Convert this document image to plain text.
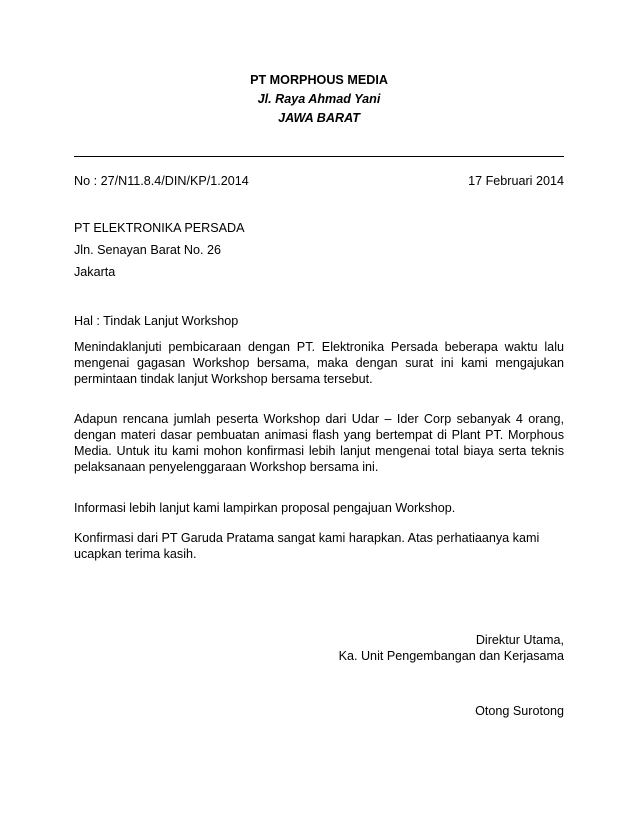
PT MORPHOUS MEDIA
Jl. Raya Ahmad Yani
JAWA BARAT
No : 27/N11.8.4/DIN/KP/1.2014	17 Februari 2014
PT ELEKTRONIKA PERSADA
Jln. Senayan Barat No. 26
Jakarta
Hal : Tindak Lanjut Workshop
Menindaklanjuti pembicaraan dengan PT. Elektronika Persada beberapa waktu lalu mengenai gagasan Workshop bersama, maka dengan surat ini kami mengajukan permintaan tindak lanjut Workshop bersama tersebut.
Adapun rencana jumlah peserta Workshop dari Udar – Ider Corp sebanyak 4 orang, dengan materi dasar pembuatan animasi flash yang bertempat di Plant PT. Morphous Media. Untuk itu kami mohon konfirmasi lebih lanjut mengenai total biaya serta teknis pelaksanaan penyelenggaraan Workshop bersama ini.
Informasi lebih lanjut kami lampirkan proposal pengajuan Workshop.
Konfirmasi dari PT Garuda Pratama sangat kami harapkan. Atas perhatiaanya kami ucapkan terima kasih.
Direktur Utama,
Ka. Unit Pengembangan dan Kerjasama
Otong Surotong
